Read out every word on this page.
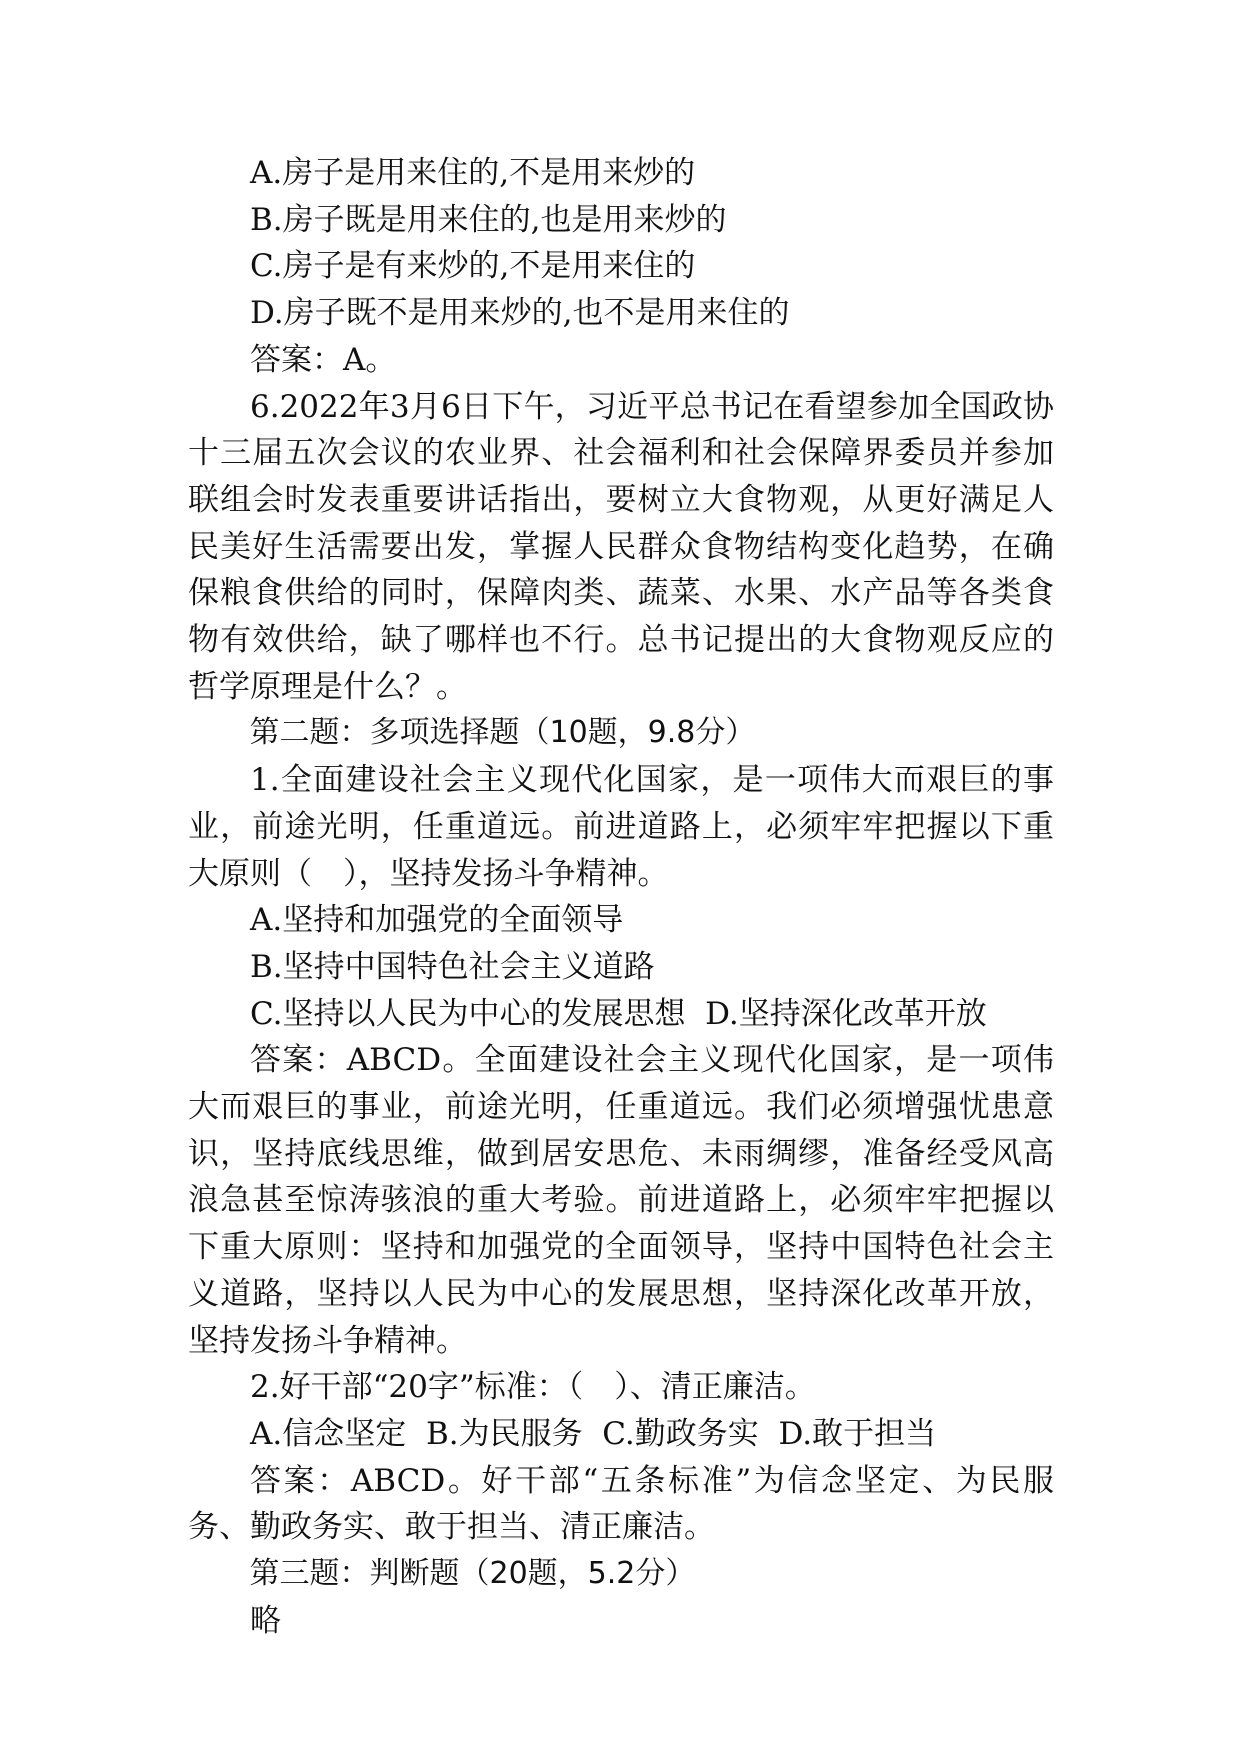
A.房子是用来住的,不是用来炒的

B.房子既是用来住的,也是用来炒的

C.房子是有来炒的,不是用来住的

D.房子既不是用来炒的,也不是用来住的

答案：A。

6.2022年3月6日下午，习近平总书记在看望参加全国政协十三届五次会议的农业界、社会福利和社会保障界委员并参加联组会时发表重要讲话指出，要树立大食物观，从更好满足人民美好生活需要出发，掌握人民群众食物结构变化趋势，在确保粮食供给的同时，保障肉类、蔬菜、水果、水产品等各类食物有效供给，缺了哪样也不行。总书记提出的大食物观反应的哲学原理是什么？。

第二题：多项选择题（10题，9.8分）

1.全面建设社会主义现代化国家，是一项伟大而艰巨的事业，前途光明，任重道远。前进道路上，必须牢牢把握以下重大原则（　），坚持发扬斗争精神。

A.坚持和加强党的全面领导

B.坚持中国特色社会主义道路

C.坚持以人民为中心的发展思想  D.坚持深化改革开放

答案：ABCD。全面建设社会主义现代化国家，是一项伟大而艰巨的事业，前途光明，任重道远。我们必须增强忧患意识，坚持底线思维，做到居安思危、未雨绸缪，准备经受风高浪急甚至惊涛骇浪的重大考验。前进道路上，必须牢牢把握以下重大原则：坚持和加强党的全面领导，坚持中国特色社会主义道路，坚持以人民为中心的发展思想，坚持深化改革开放，坚持发扬斗争精神。

2.好干部“20字”标准：（　）、清正廉洁。

A.信念坚定  B.为民服务  C.勤政务实  D.敢于担当

答案：ABCD。好干部“五条标准”为信念坚定、为民服务、勤政务实、敢于担当、清正廉洁。

第三题：判断题（20题，5.2分）

略
